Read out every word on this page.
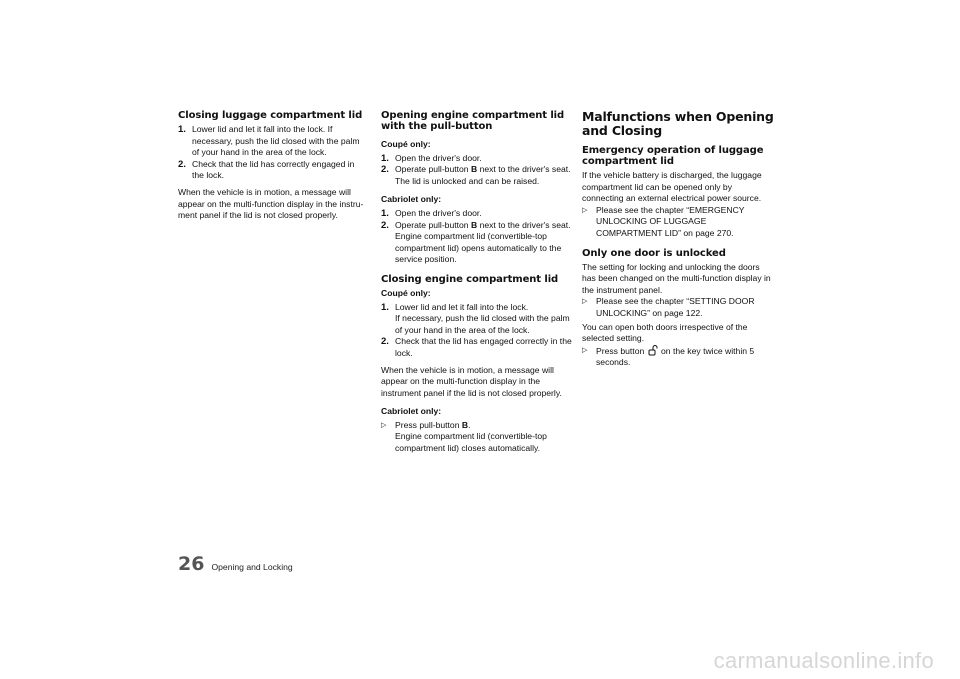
Closing luggage compartment lid
1. Lower lid and let it fall into the lock. If necessary, push the lid closed with the palm of your hand in the area of the lock.
2. Check that the lid has correctly engaged in the lock.

When the vehicle is in motion, a message will appear on the multi-function display in the instru-ment panel if the lid is not closed properly.

Opening engine compartment lid with the pull-button
Coupé only:
1. Open the driver's door.
2. Operate pull-button B next to the driver's seat.
The lid is unlocked and can be raised.
Cabriolet only:
1. Open the driver's door.
2. Operate pull-button B next to the driver's seat.
Engine compartment lid (convertible-top compartment lid) opens automatically to the service position.
Closing engine compartment lid
Coupé only:
1. Lower lid and let it fall into the lock.
If necessary, push the lid closed with the palm of your hand in the area of the lock.
2. Check that the lid has engaged correctly in the lock.

When the vehicle is in motion, a message will appear on the multi-function display in the instrument panel if the lid is not closed properly.

Cabriolet only:
▷	Press pull-button B.
Engine compartment lid (convertible-top compartment lid) closes automatically.
Malfunctions when Opening and Closing
Emergency operation of luggage compartment lid

If the vehicle battery is discharged, the luggage compartment lid can be opened only by connecting an external electrical power source.

▷	Please see the chapter “EMERGENCY UNLOCKING OF LUGGAGE COMPARTMENT LID” on page 270.
Only one door is unlocked

The setting for locking and unlocking the doors has been changed on the multi-function display in the instrument panel.

▷	Please see the chapter “SETTING DOOR UNLOCKING” on page 122.

You can open both doors irrespective of the selected setting.

▷	Press button on the key twice within 5 seconds.
26 Opening and Locking
carmanualsonline.info
